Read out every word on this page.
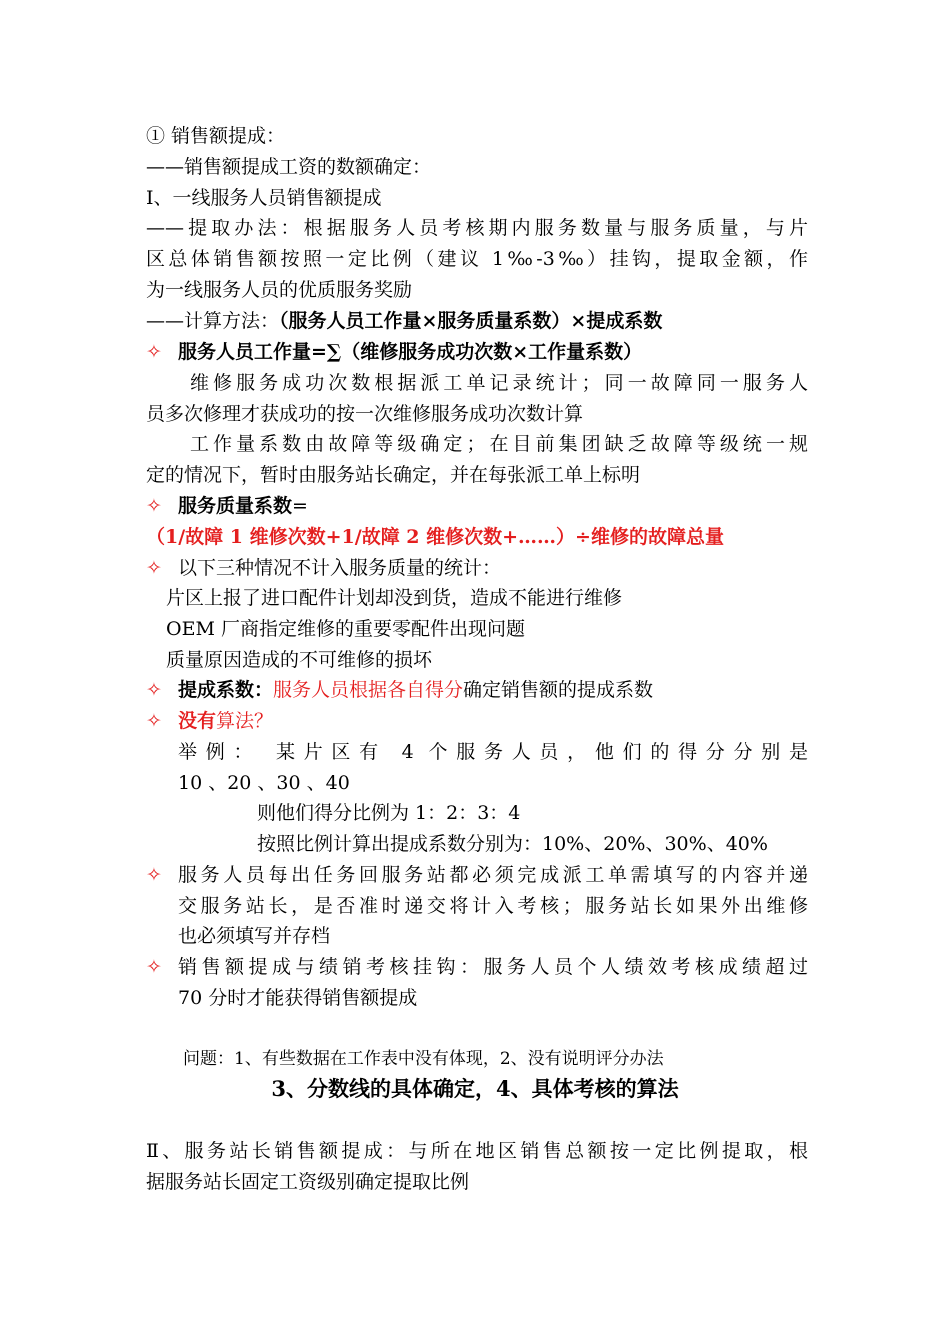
① 销售额提成：
——销售额提成工资的数额确定：
Ⅰ、一线服务人员销售额提成
——提取办法：根据服务人员考核期内服务数量与服务质量，与片
区总体销售额按照一定比例（建议 1‰-3‰）挂钩，提取金额，作
为一线服务人员的优质服务奖励
——计算方法：（服务人员工作量×服务质量系数）×提成系数
✧ 服务人员工作量=∑（维修服务成功次数×工作量系数）
维修服务成功次数根据派工单记录统计；同一故障同一服务人
员多次修理才获成功的按一次维修服务成功次数计算
工作量系数由故障等级确定；在目前集团缺乏故障等级统一规
定的情况下，暂时由服务站长确定，并在每张派工单上标明
✧ 服务质量系数=
（1/故障 1 维修次数+1/故障 2 维修次数+……）÷维修的故障总量
✧ 以下三种情况不计入服务质量的统计：
片区上报了进口配件计划却没到货，造成不能进行维修
OEM 厂商指定维修的重要零配件出现问题
质量原因造成的不可维修的损坏
✧ 提成系数：服务人员根据各自得分确定销售额的提成系数
✧ 没有算法？
举例： 某片区有 4 个服务人员，他们的得分分别是
10 、20 、30 、40
则他们得分比例为 1：2：3：4
按照比例计算出提成系数分别为：10%、20%、30%、40%
✧ 服务人员每出任务回服务站都必须完成派工单需填写的内容并递
交服务站长，是否准时递交将计入考核；服务站长如果外出维修
也必须填写并存档
✧ 销售额提成与绩销考核挂钩：服务人员个人绩效考核成绩超过
70 分时才能获得销售额提成
问题：1、有些数据在工作表中没有体现，2、没有说明评分办法
3、分数线的具体确定，4、具体考核的算法
Ⅱ、服务站长销售额提成：与所在地区销售总额按一定比例提取，根
据服务站长固定工资级别确定提取比例
